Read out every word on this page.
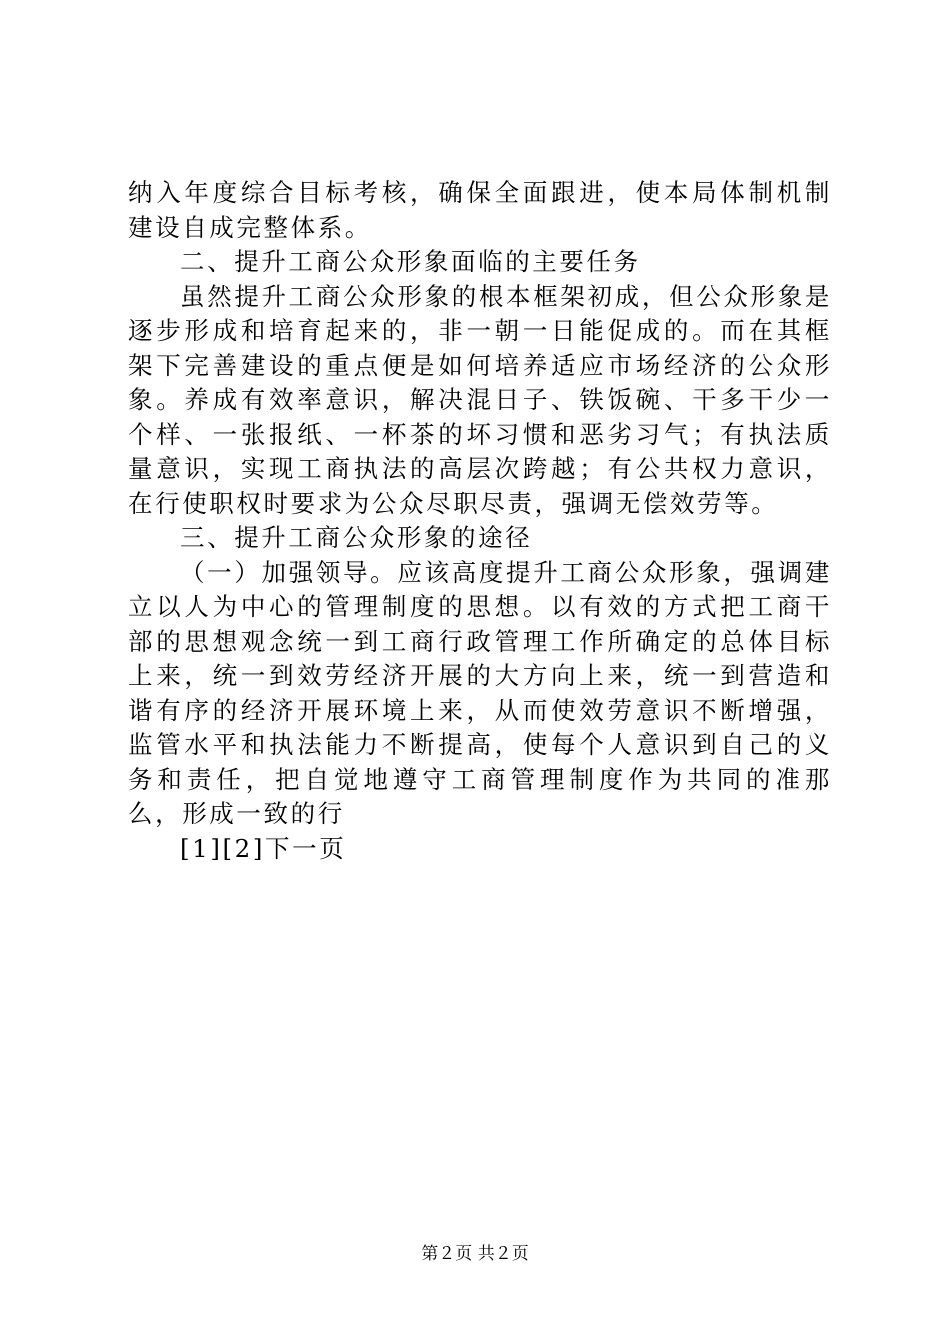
纳入年度综合目标考核，确保全面跟进，使本局体制机制建设自成完整体系。

二、提升工商公众形象面临的主要任务

虽然提升工商公众形象的根本框架初成，但公众形象是逐步形成和培育起来的，非一朝一日能促成的。而在其框架下完善建设的重点便是如何培养适应市场经济的公众形象。养成有效率意识，解决混日子、铁饭碗、干多干少一个样、一张报纸、一杯茶的坏习惯和恶劣习气；有执法质量意识，实现工商执法的高层次跨越；有公共权力意识，在行使职权时要求为公众尽职尽责，强调无偿效劳等。

三、提升工商公众形象的途径

（一）加强领导。应该高度提升工商公众形象，强调建立以人为中心的管理制度的思想。以有效的方式把工商干部的思想观念统一到工商行政管理工作所确定的总体目标上来，统一到效劳经济开展的大方向上来，统一到营造和谐有序的经济开展环境上来，从而使效劳意识不断增强，监管水平和执法能力不断提高，使每个人意识到自己的义务和责任，把自觉地遵守工商管理制度作为共同的准那么，形成一致的行

[1][2]下一页

第２页 共２页
